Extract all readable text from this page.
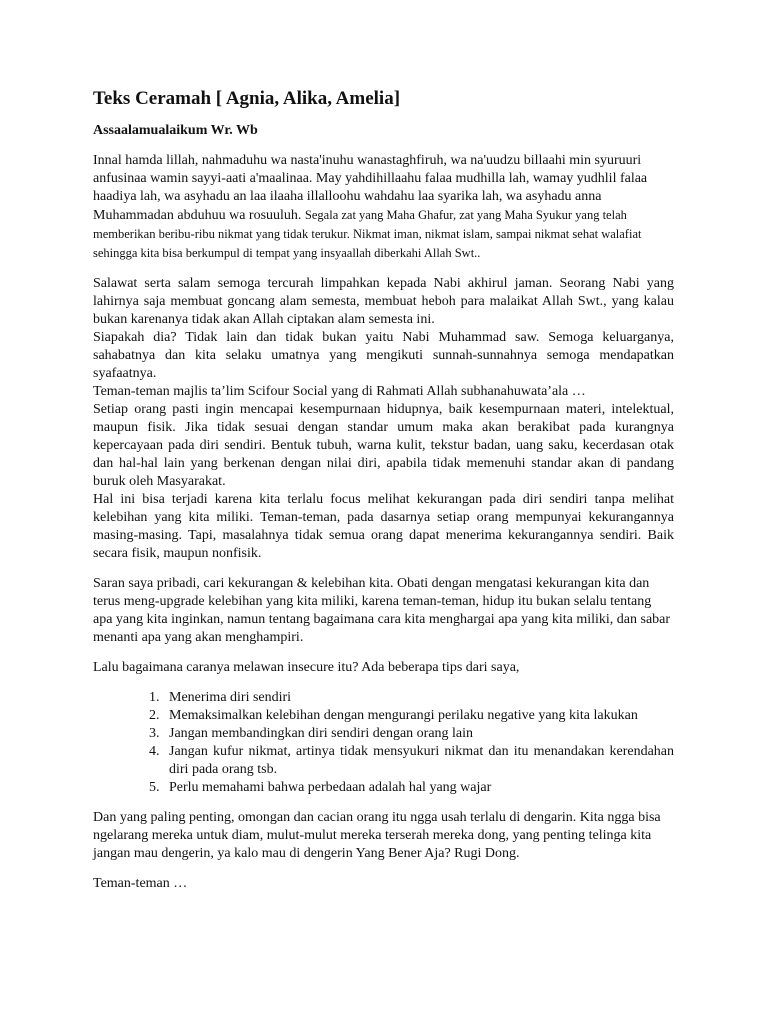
Teks Ceramah [ Agnia, Alika, Amelia]
Assaalamualaikum Wr. Wb

Innal hamda lillah, nahmaduhu wa nasta'inuhu wanastaghfiruh, wa na'uudzu billaahi min syuruuri anfusinaa wamin sayyi-aati a'maalinaa. May yahdihillaahu falaa mudhilla lah, wamay yudhlil falaa haadiya lah, wa asyhadu an laa ilaaha illalloohu wahdahu laa syarika lah, wa asyhadu anna Muhammadan abduhuu wa rosuuluh. Segala zat yang Maha Ghafur, zat yang Maha Syukur yang telah memberikan beribu-ribu nikmat yang tidak terukur. Nikmat iman, nikmat islam, sampai nikmat sehat walafiat sehingga kita bisa berkumpul di tempat yang insyaallah diberkahi Allah Swt..

Salawat serta salam semoga tercurah limpahkan kepada Nabi akhirul jaman. Seorang Nabi yang lahirnya saja membuat goncang alam semesta, membuat heboh para malaikat Allah Swt., yang kalau bukan karenanya tidak akan Allah ciptakan alam semesta ini.

Siapakah dia? Tidak lain dan tidak bukan yaitu Nabi Muhammad saw. Semoga keluarganya, sahabatnya dan kita selaku umatnya yang mengikuti sunnah-sunnahnya semoga mendapatkan syafaatnya.

Teman-teman majlis ta’lim Scifour Social yang di Rahmati Allah subhanahuwata’ala …

Setiap orang pasti ingin mencapai kesempurnaan hidupnya, baik kesempurnaan materi, intelektual, maupun fisik. Jika tidak sesuai dengan standar umum maka akan berakibat pada kurangnya kepercayaan pada diri sendiri. Bentuk tubuh, warna kulit, tekstur badan, uang saku, kecerdasan otak dan hal-hal lain yang berkenan dengan nilai diri, apabila tidak memenuhi standar akan di pandang buruk oleh Masyarakat.

Hal ini bisa terjadi karena kita terlalu focus melihat kekurangan pada diri sendiri tanpa melihat kelebihan yang kita miliki. Teman-teman, pada dasarnya setiap orang mempunyai kekurangannya masing-masing. Tapi, masalahnya tidak semua orang dapat menerima kekurangannya sendiri. Baik secara fisik, maupun nonfisik.

Saran saya pribadi, cari kekurangan & kelebihan kita. Obati dengan mengatasi kekurangan kita dan terus meng-upgrade kelebihan yang kita miliki, karena teman-teman, hidup itu bukan selalu tentang apa yang kita inginkan, namun tentang bagaimana cara kita menghargai apa yang kita miliki, dan sabar menanti apa yang akan menghampiri.

Lalu bagaimana caranya melawan insecure itu? Ada beberapa tips dari saya,

1. Menerima diri sendiri
2. Memaksimalkan kelebihan dengan mengurangi perilaku negative yang kita lakukan
3. Jangan membandingkan diri sendiri dengan orang lain
4. Jangan kufur nikmat, artinya tidak mensyukuri nikmat dan itu menandakan kerendahan diri pada orang tsb.
5. Perlu memahami bahwa perbedaan adalah hal yang wajar

Dan yang paling penting, omongan dan cacian orang itu ngga usah terlalu di dengarin. Kita ngga bisa ngelarang mereka untuk diam, mulut-mulut mereka terserah mereka dong, yang penting telinga kita jangan mau dengerin, ya kalo mau di dengerin Yang Bener Aja? Rugi Dong.

Teman-teman …
